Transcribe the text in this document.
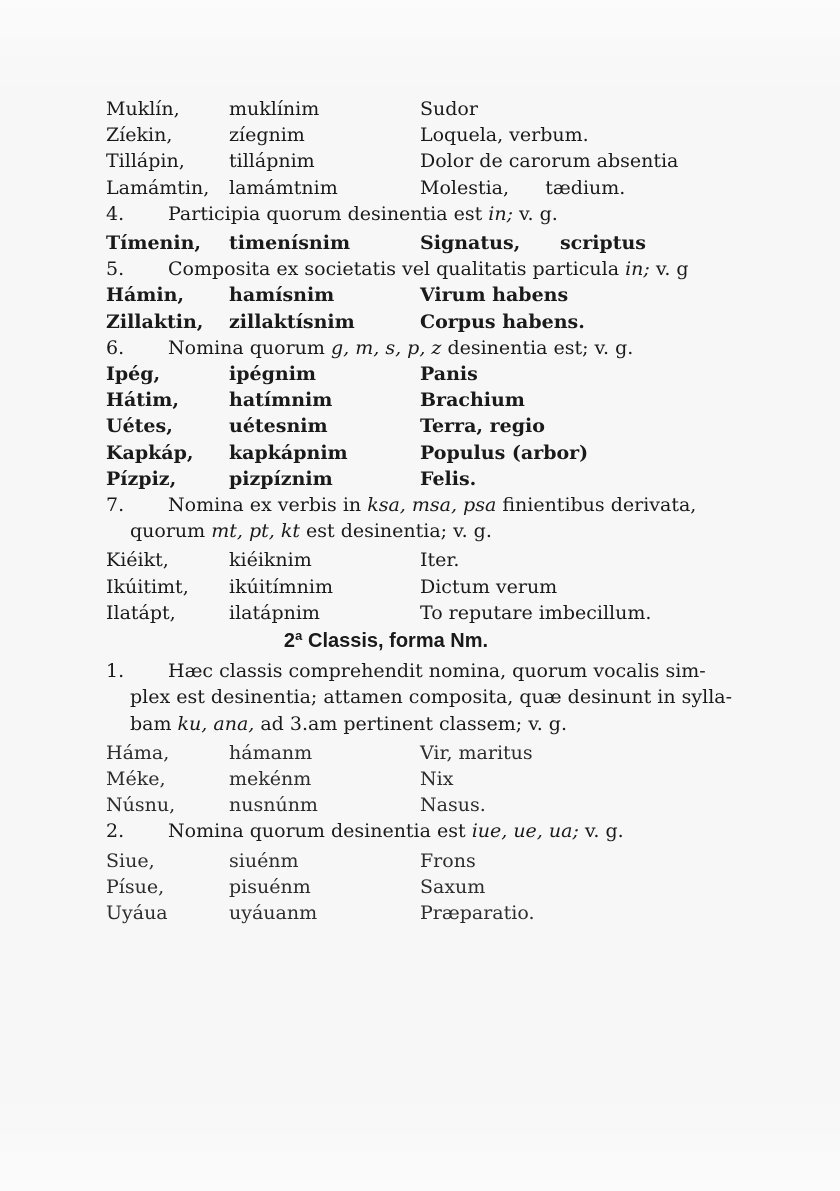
Muklín,	muklínim	Sudor
Zíekin,	zíegnim	Loquela, verbum.
Tillápin,	tillápnim	Dolor de carorum absentia
Lamámtin,	lamámtnim	Molestia,      tædium.
4. Participia quorum desinentia est in; v. g.
Tímenin,	timenísnim	Signatus,      scriptus
5. Composita ex societatis vel qualitatis particula in; v. g
Hámin,	hamísnim	Virum habens
Zillaktin,	zillaktísnim	Corpus habens.
6. Nomina quorum g, m, s, p, z desinentia est; v. g.
Ipég,	ipégnim	Panis
Hátim,	hatímnim	Brachium
Uétes,	uétesnim	Terra, regio
Kapkáp,	kapkápnim	Populus (arbor)
Pízpiz,	pizpíznim	Felis.
7. Nomina ex verbis in ksa, msa, psa finientibus derivata,
quorum mt, pt, kt est desinentia; v. g.
Kiéikt,	kiéiknim	Iter.
Ikúitimt,	ikúitímnim	Dictum verum
Ilatápt,	ilatápnim	To reputare imbecillum.
2ª Classis, forma Nm.
1. Hæc classis comprehendit nomina, quorum vocalis sim-
plex est desinentia; attamen composita, quæ desinunt in sylla-
bam ku, ana, ad 3.am pertinent classem; v. g.
Háma,	hámanm	Vir, maritus
Méke,	mekénm	Nix
Núsnu,	nusnúnm	Nasus.
2. Nomina quorum desinentia est iue, ue, ua; v. g.
Siue,	siuénm	Frons
Písue,	pisuénm	Saxum
Uyáua	uyáuanm	Præparatio.
